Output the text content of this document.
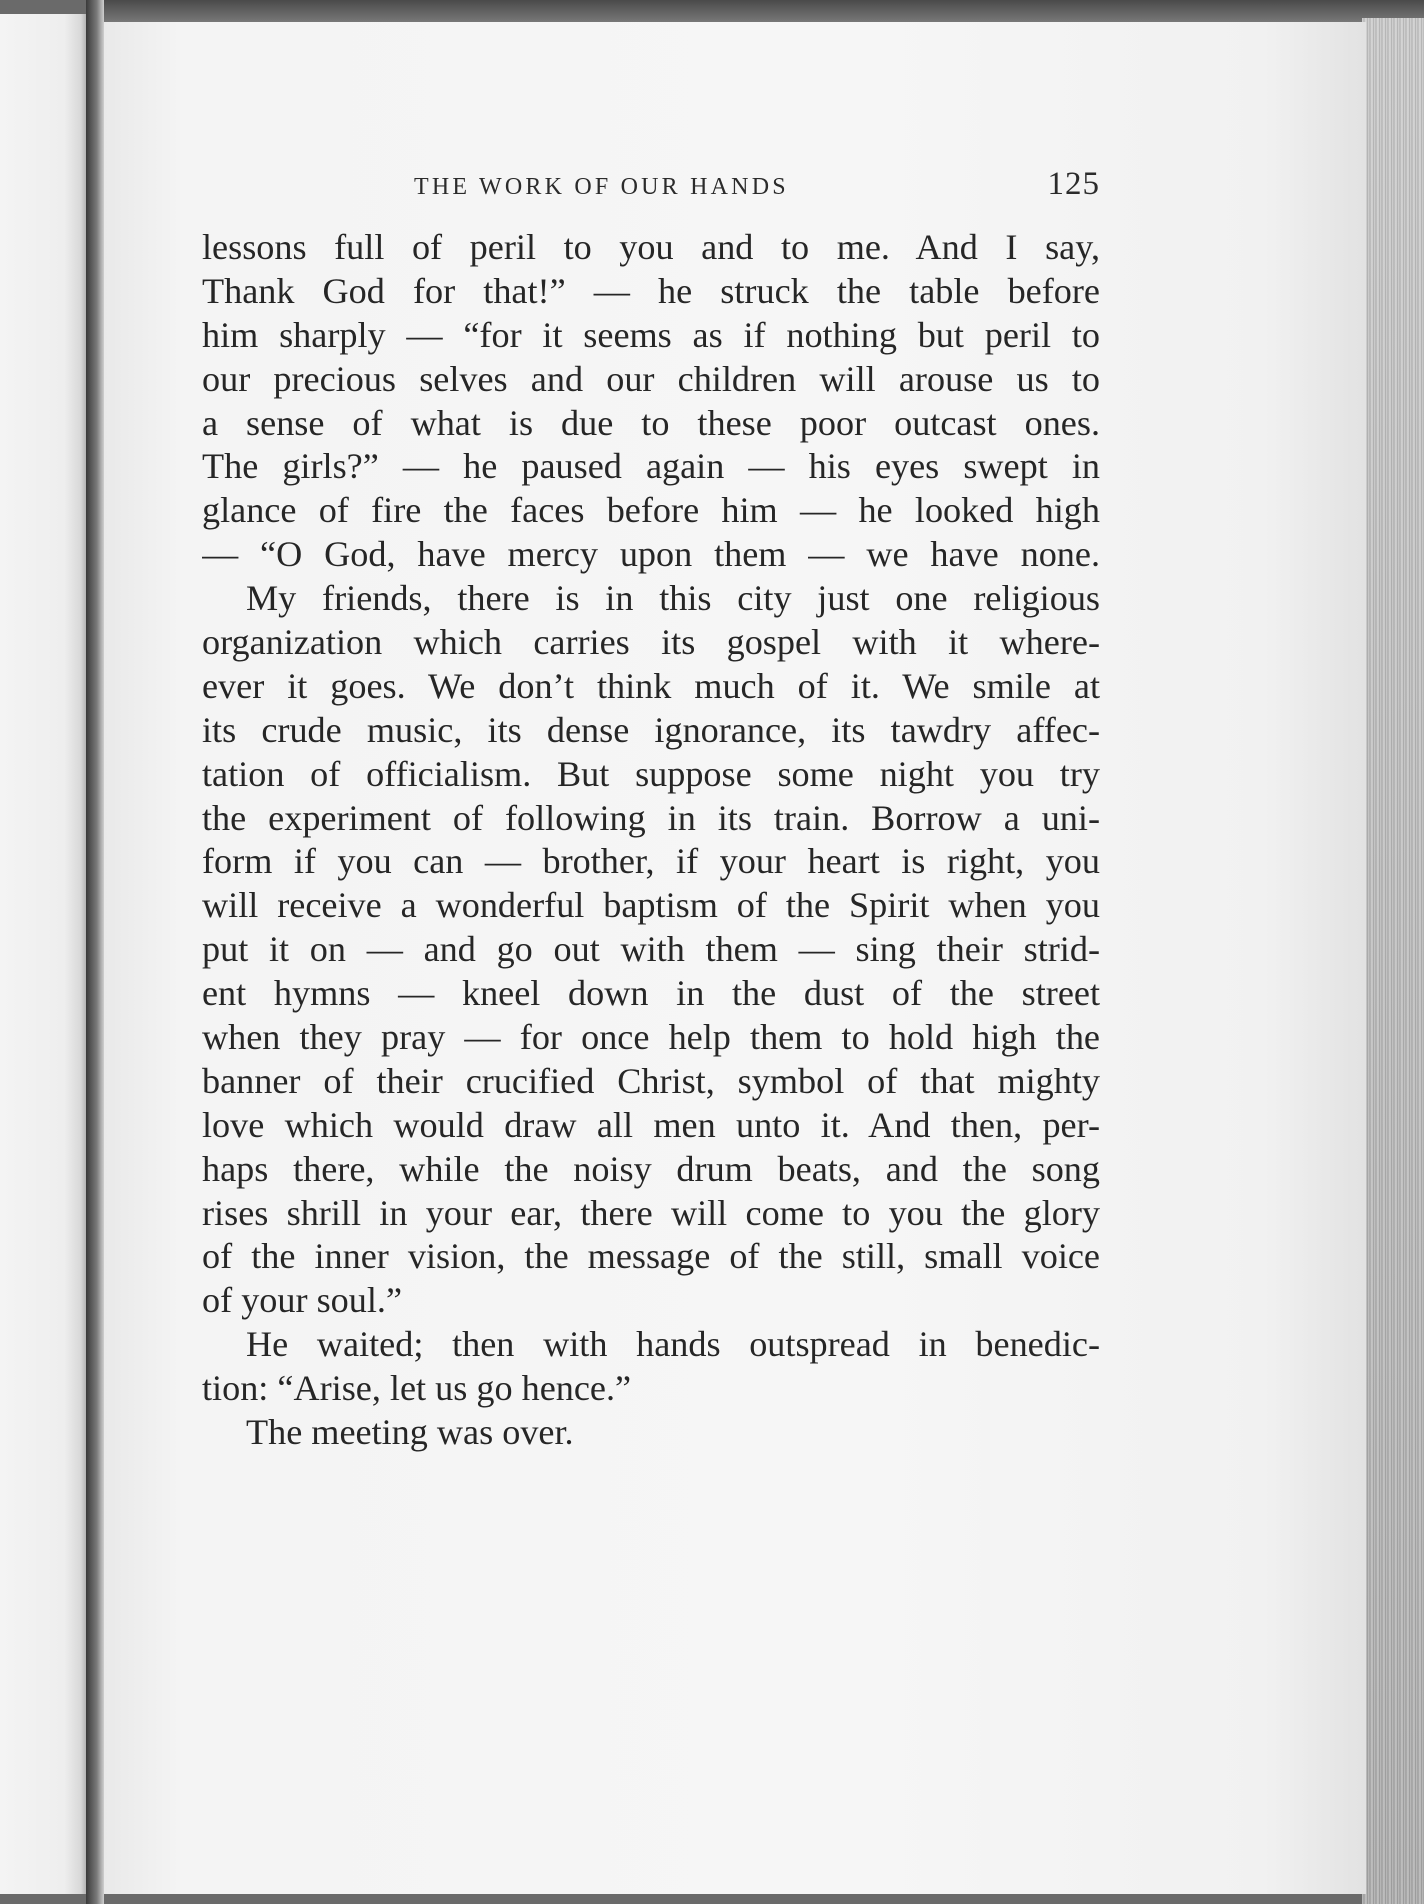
THE WORK OF OUR HANDS	125
lessons full of peril to you and to me. And I say,
Thank God for that!” — he struck the table before
him sharply — “for it seems as if nothing but peril to
our precious selves and our children will arouse us to
a sense of what is due to these poor outcast ones.
The girls?” — he paused again — his eyes swept in
glance of fire the faces before him — he looked high
— “O God, have mercy upon them — we have none.
My friends, there is in this city just one religious
organization which carries its gospel with it where-
ever it goes. We don’t think much of it. We smile at
its crude music, its dense ignorance, its tawdry affec-
tation of officialism. But suppose some night you try
the experiment of following in its train. Borrow a uni-
form if you can — brother, if your heart is right, you
will receive a wonderful baptism of the Spirit when you
put it on — and go out with them — sing their strid-
ent hymns — kneel down in the dust of the street
when they pray — for once help them to hold high the
banner of their crucified Christ, symbol of that mighty
love which would draw all men unto it. And then, per-
haps there, while the noisy drum beats, and the song
rises shrill in your ear, there will come to you the glory
of the inner vision, the message of the still, small voice
of your soul.”
He waited; then with hands outspread in benedic-
tion: “Arise, let us go hence.”
The meeting was over.
